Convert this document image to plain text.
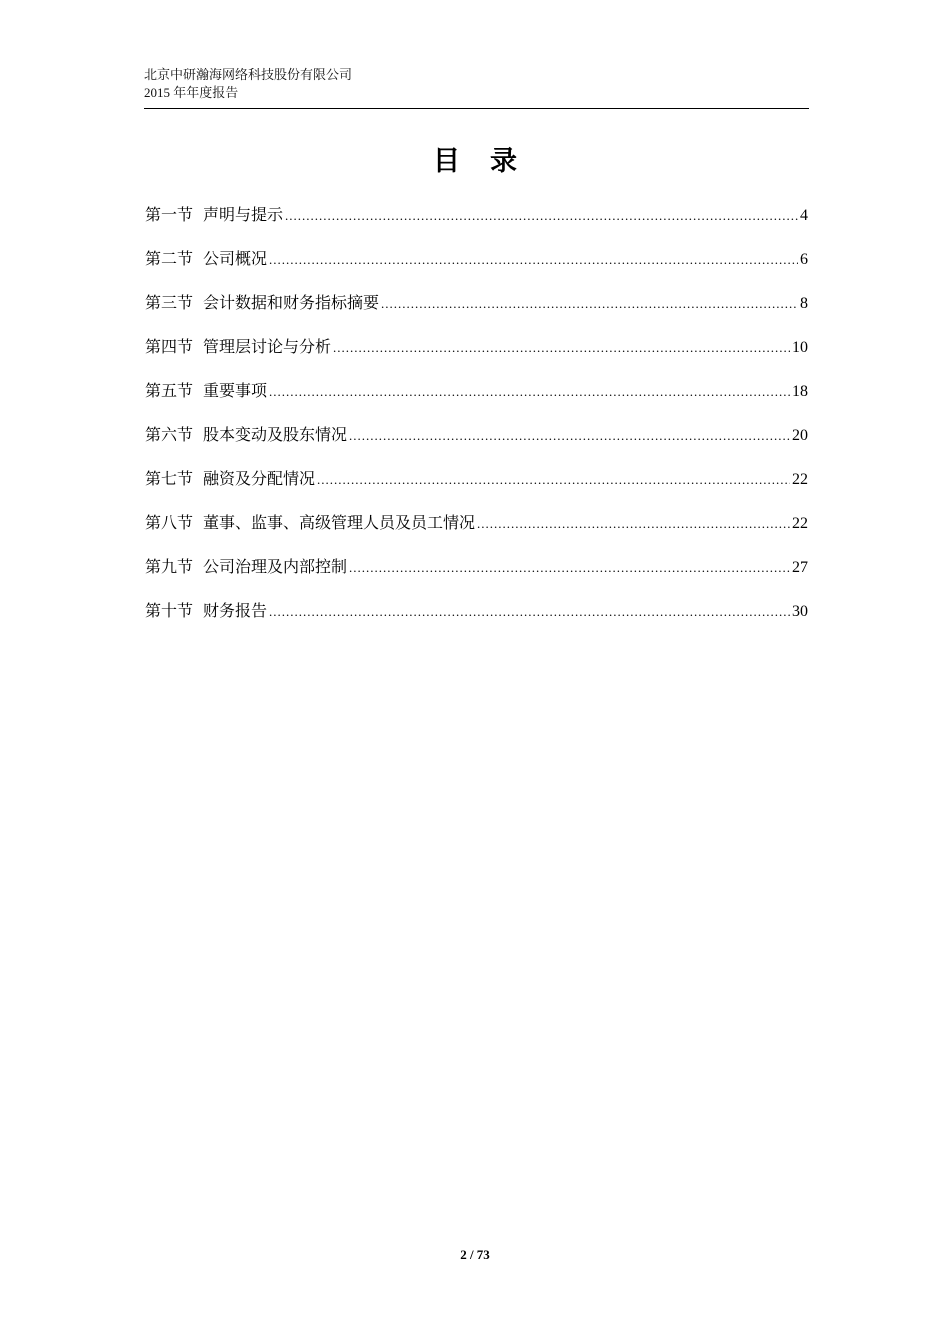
北京中研瀚海网络科技股份有限公司
2015 年年度报告
目录
第一节 声明与提示 .....	4
第二节 公司概况 .....	6
第三节 会计数据和财务指标摘要 .....	8
第四节 管理层讨论与分析 .....	10
第五节 重要事项 .....	18
第六节 股本变动及股东情况 .....	20
第七节 融资及分配情况 .....	22
第八节 董事、监事、高级管理人员及员工情况 .....	22
第九节 公司治理及内部控制 .....	27
第十节 财务报告 .....	30
2 / 73
